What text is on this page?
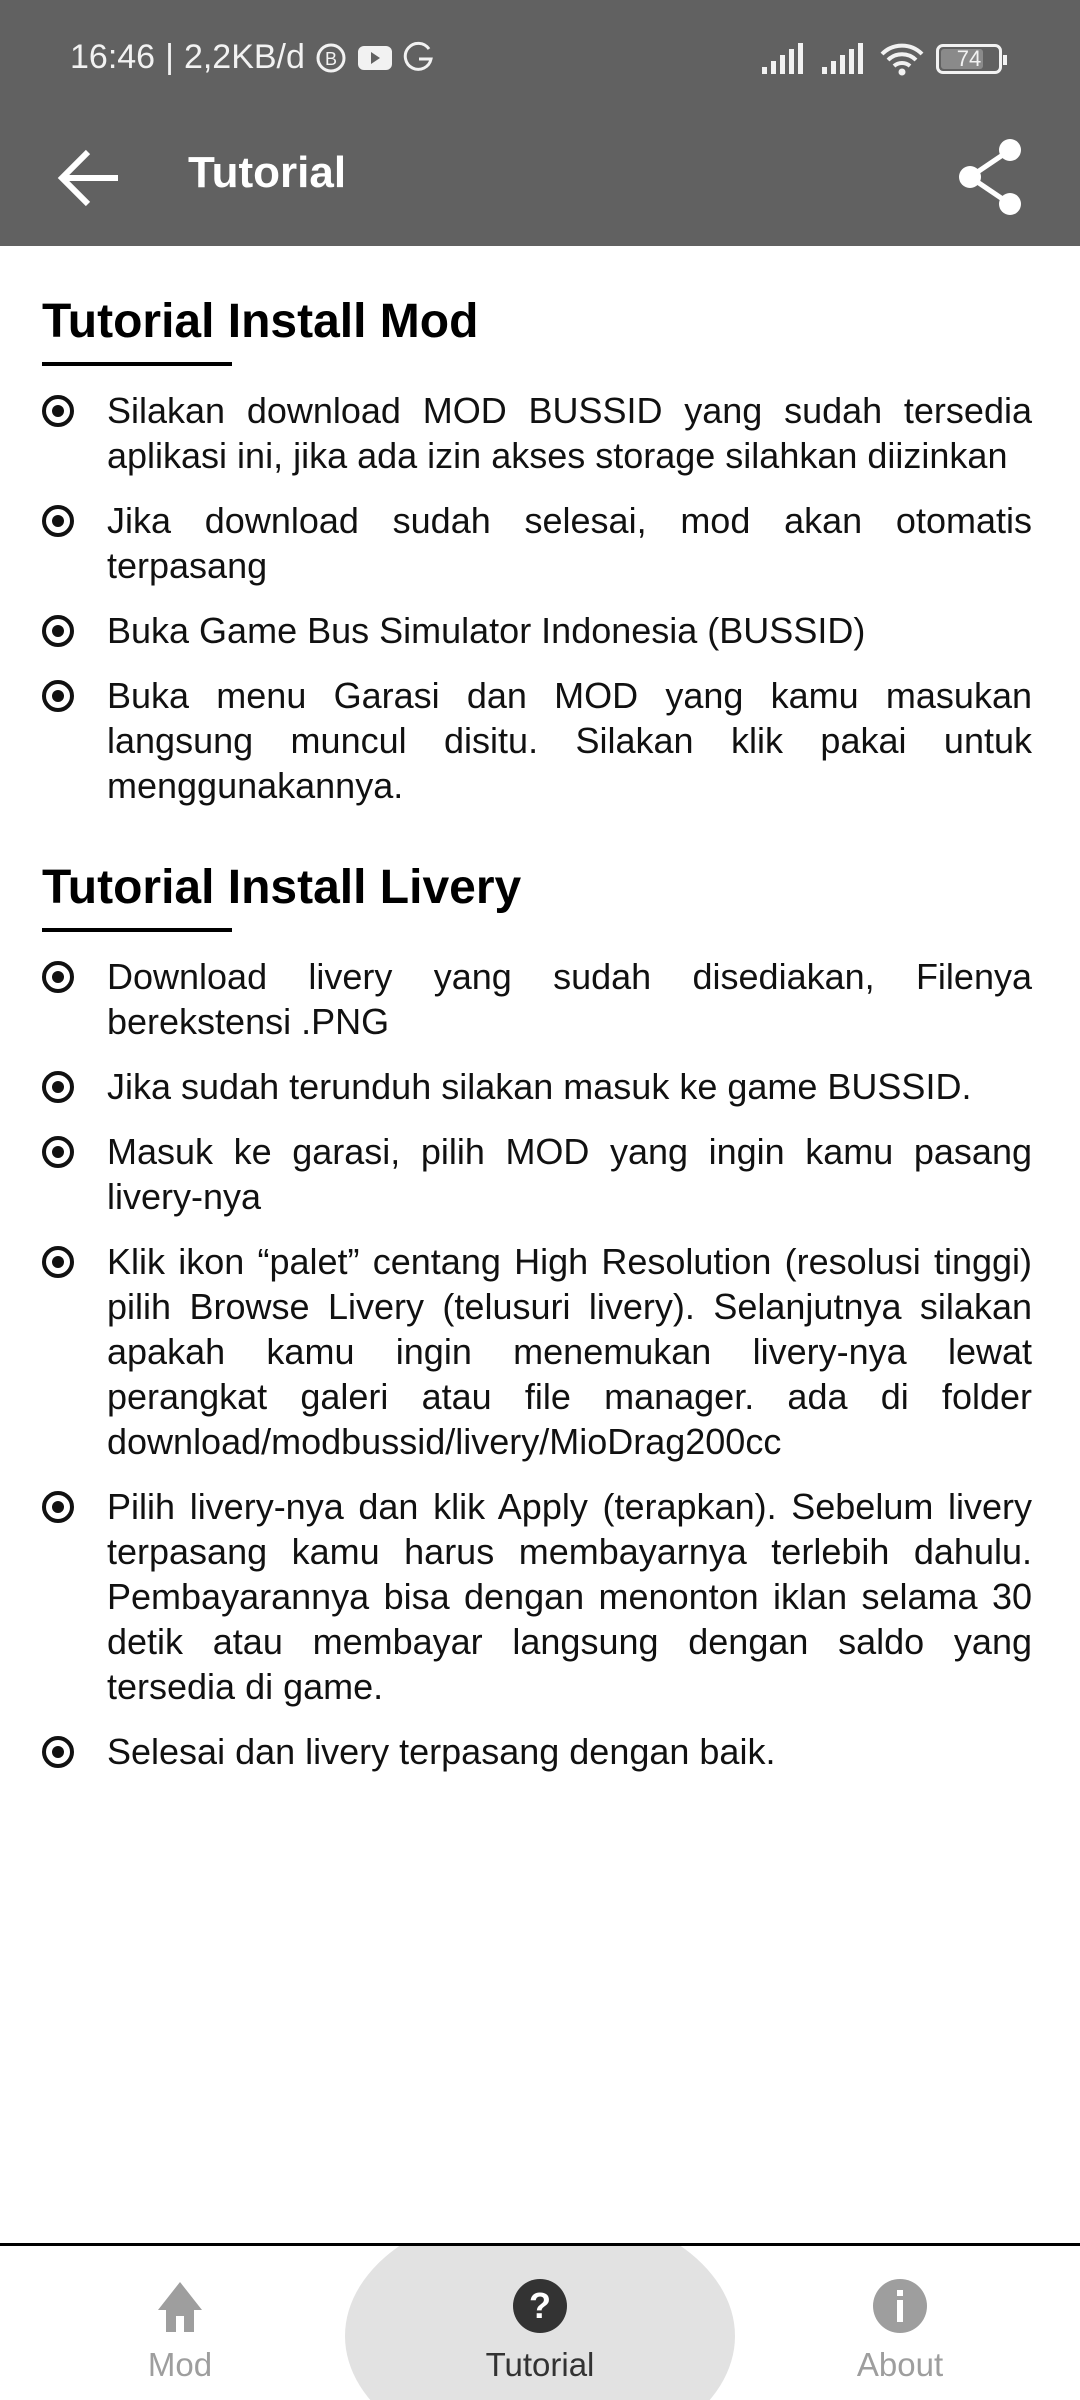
16:46 | 2,2KB/d B	74
Tutorial
Tutorial Install Mod
Silakan download MOD BUSSID yang sudah tersedia aplikasi ini, jika ada izin akses storage silahkan diizinkan
Jika download sudah selesai, mod akan otomatis terpasang
Buka Game Bus Simulator Indonesia (BUSSID)
Buka menu Garasi dan MOD yang kamu masukan langsung muncul disitu. Silakan klik pakai untuk menggunakannya.
Tutorial Install Livery
Download livery yang sudah disediakan, Filenya berekstensi .PNG
Jika sudah terunduh silakan masuk ke game BUSSID.
Masuk ke garasi, pilih MOD yang ingin kamu pasang livery-nya
Klik ikon “palet” centang High Resolution (resolusi tinggi) pilih Browse Livery (telusuri livery). Selanjutnya silakan apakah kamu ingin menemukan livery-nya lewat perangkat galeri atau file manager. ada di folder download/modbussid/livery/MioDrag200cc
Pilih livery-nya dan klik Apply (terapkan). Sebelum livery terpasang kamu harus membayarnya terlebih dahulu. Pembayarannya bisa dengan menonton iklan selama 30 detik atau membayar langsung dengan saldo yang tersedia di game.
Selesai dan livery terpasang dengan baik.
Mod
?
Tutorial	About
